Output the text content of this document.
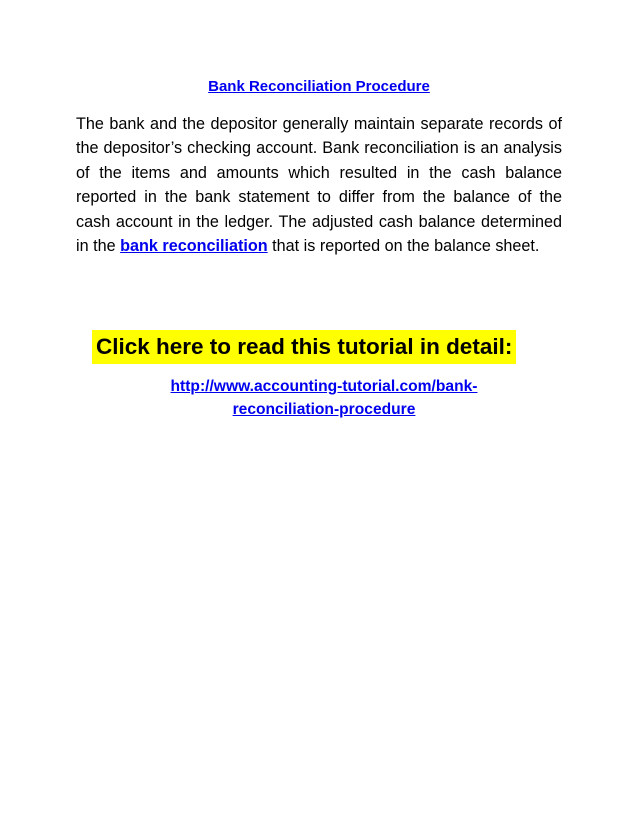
Bank Reconciliation Procedure

The bank and the depositor generally maintain separate records of the depositor’s checking account. Bank reconciliation is an analysis of the items and amounts which resulted in the cash balance reported in the bank statement to differ from the balance of the cash account in the ledger. The adjusted cash balance determined in the bank reconciliation that is reported on the balance sheet.

Click here to read this tutorial in detail:
http://www.accounting-tutorial.com/bank-
reconciliation-procedure
